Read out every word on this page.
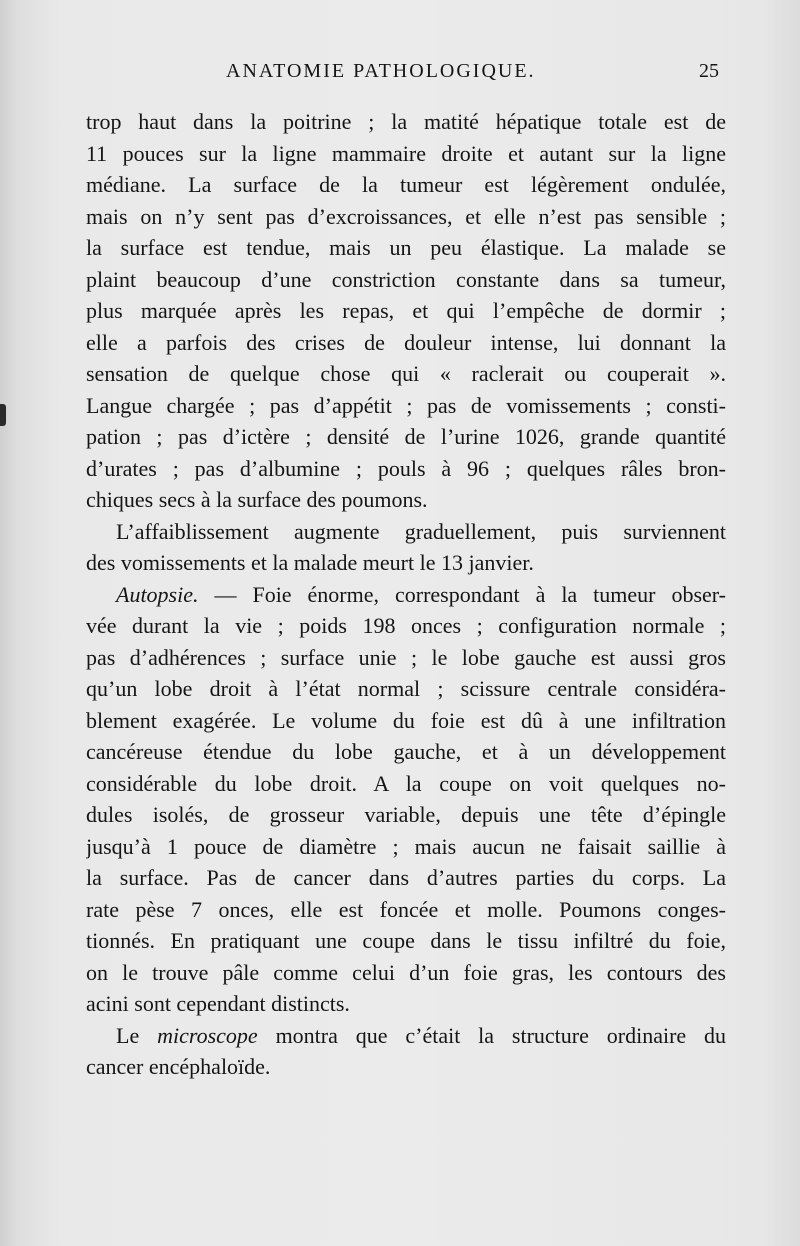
ANATOMIE PATHOLOGIQUE.	25
trop haut dans la poitrine ; la matité hépatique totale est de
11 pouces sur la ligne mammaire droite et autant sur la ligne
médiane. La surface de la tumeur est légèrement ondulée,
mais on n’y sent pas d’excroissances, et elle n’est pas sensible ;
la surface est tendue, mais un peu élastique. La malade se
plaint beaucoup d’une constriction constante dans sa tumeur,
plus marquée après les repas, et qui l’empêche de dormir ;
elle a parfois des crises de douleur intense, lui donnant la
sensation de quelque chose qui « raclerait ou couperait ».
Langue chargée ; pas d’appétit ; pas de vomissements ; consti-
pation ; pas d’ictère ; densité de l’urine 1026, grande quantité
d’urates ; pas d’albumine ; pouls à 96 ; quelques râles bron-
chiques secs à la surface des poumons.
L’affaiblissement augmente graduellement, puis surviennent
des vomissements et la malade meurt le 13 janvier.
Autopsie. — Foie énorme, correspondant à la tumeur obser-
vée durant la vie ; poids 198 onces ; configuration normale ;
pas d’adhérences ; surface unie ; le lobe gauche est aussi gros
qu’un lobe droit à l’état normal ; scissure centrale considéra-
blement exagérée. Le volume du foie est dû à une infiltration
cancéreuse étendue du lobe gauche, et à un développement
considérable du lobe droit. A la coupe on voit quelques no-
dules isolés, de grosseur variable, depuis une tête d’épingle
jusqu’à 1 pouce de diamètre ; mais aucun ne faisait saillie à
la surface. Pas de cancer dans d’autres parties du corps. La
rate pèse 7 onces, elle est foncée et molle. Poumons conges-
tionnés. En pratiquant une coupe dans le tissu infiltré du foie,
on le trouve pâle comme celui d’un foie gras, les contours des
acini sont cependant distincts.
Le microscope montra que c’était la structure ordinaire du
cancer encéphaloïde.
